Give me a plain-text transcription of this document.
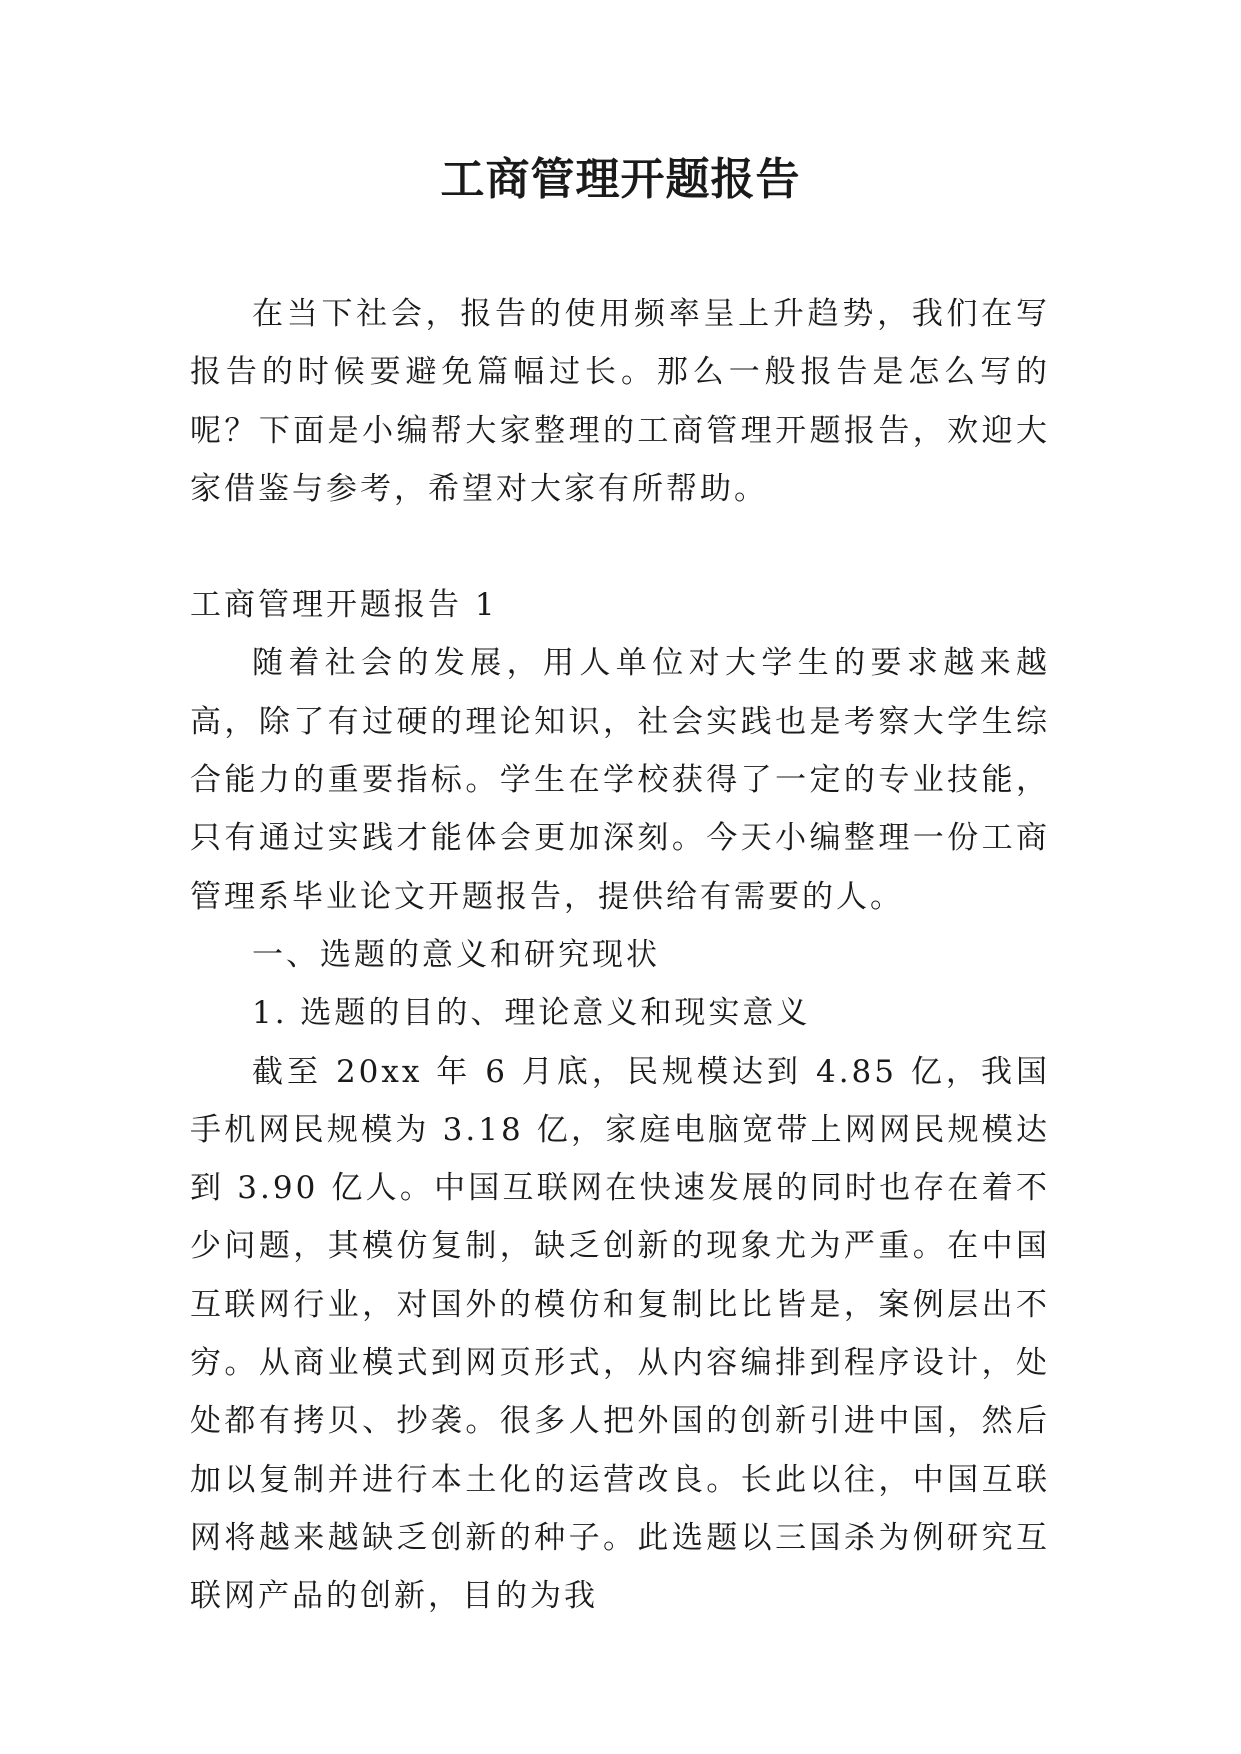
工商管理开题报告

在当下社会，报告的使用频率呈上升趋势，我们在写报告的时候要避免篇幅过长。那么一般报告是怎么写的呢？下面是小编帮大家整理的工商管理开题报告，欢迎大家借鉴与参考，希望对大家有所帮助。

工商管理开题报告 1

随着社会的发展，用人单位对大学生的要求越来越高，除了有过硬的理论知识，社会实践也是考察大学生综合能力的重要指标。学生在学校获得了一定的专业技能，只有通过实践才能体会更加深刻。今天小编整理一份工商管理系毕业论文开题报告，提供给有需要的人。

一、选题的意义和研究现状

1. 选题的目的、理论意义和现实意义

截至 20xx 年 6 月底，民规模达到 4.85 亿，我国手机网民规模为 3.18 亿，家庭电脑宽带上网网民规模达到 3.90 亿人。中国互联网在快速发展的同时也存在着不少问题，其模仿复制，缺乏创新的现象尤为严重。在中国互联网行业，对国外的模仿和复制比比皆是，案例层出不穷。从商业模式到网页形式，从内容编排到程序设计，处处都有拷贝、抄袭。很多人把外国的创新引进中国，然后加以复制并进行本土化的运营改良。长此以往，中国互联网将越来越缺乏创新的种子。此选题以三国杀为例研究互联网产品的创新，目的为我
